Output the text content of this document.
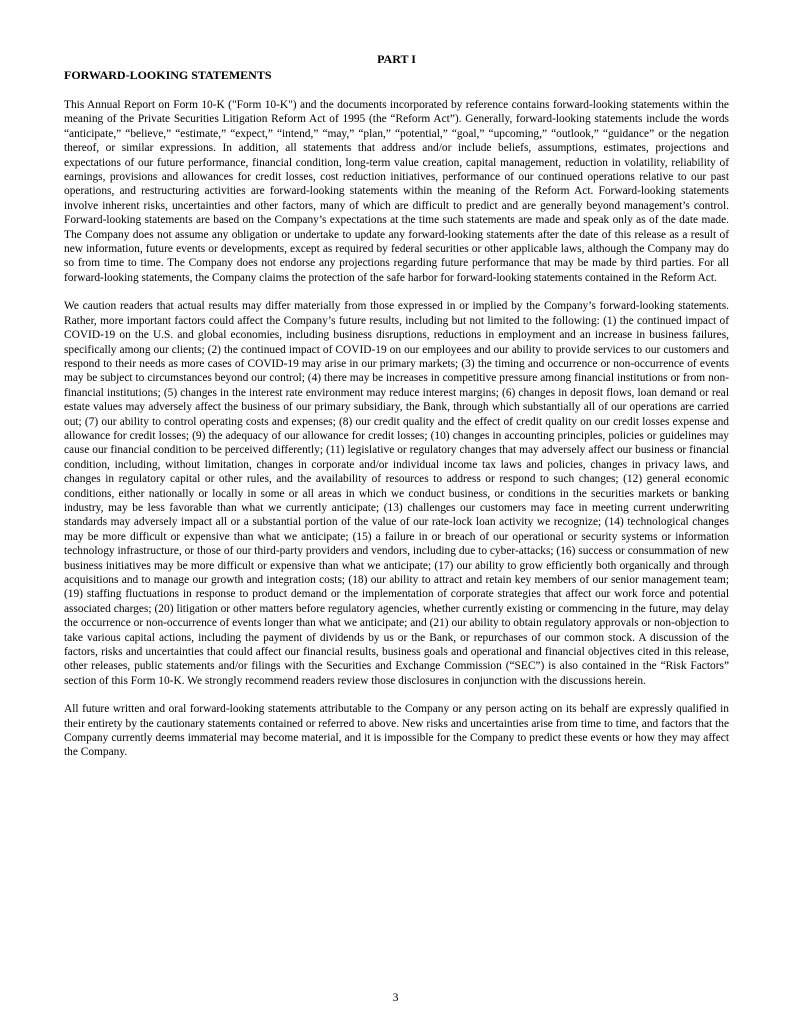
PART I
FORWARD-LOOKING STATEMENTS

This Annual Report on Form 10-K ("Form 10-K") and the documents incorporated by reference contains forward-looking statements within the meaning of the Private Securities Litigation Reform Act of 1995 (the “Reform Act”). Generally, forward-looking statements include the words “anticipate,” “believe,” “estimate,” “expect,” “intend,” “may,” “plan,” “potential,” “goal,” “upcoming,” “outlook,” “guidance” or the negation thereof, or similar expressions. In addition, all statements that address and/or include beliefs, assumptions, estimates, projections and expectations of our future performance, financial condition, long-term value creation, capital management, reduction in volatility, reliability of earnings, provisions and allowances for credit losses, cost reduction initiatives, performance of our continued operations relative to our past operations, and restructuring activities are forward-looking statements within the meaning of the Reform Act. Forward-looking statements involve inherent risks, uncertainties and other factors, many of which are difficult to predict and are generally beyond management’s control. Forward-looking statements are based on the Company’s expectations at the time such statements are made and speak only as of the date made. The Company does not assume any obligation or undertake to update any forward-looking statements after the date of this release as a result of new information, future events or developments, except as required by federal securities or other applicable laws, although the Company may do so from time to time. The Company does not endorse any projections regarding future performance that may be made by third parties. For all forward-looking statements, the Company claims the protection of the safe harbor for forward-looking statements contained in the Reform Act.

We caution readers that actual results may differ materially from those expressed in or implied by the Company’s forward-looking statements. Rather, more important factors could affect the Company’s future results, including but not limited to the following: (1) the continued impact of COVID-19 on the U.S. and global economies, including business disruptions, reductions in employment and an increase in business failures, specifically among our clients; (2) the continued impact of COVID-19 on our employees and our ability to provide services to our customers and respond to their needs as more cases of COVID-19 may arise in our primary markets; (3) the timing and occurrence or non-occurrence of events may be subject to circumstances beyond our control; (4) there may be increases in competitive pressure among financial institutions or from non-financial institutions; (5) changes in the interest rate environment may reduce interest margins; (6) changes in deposit flows, loan demand or real estate values may adversely affect the business of our primary subsidiary, the Bank, through which substantially all of our operations are carried out; (7) our ability to control operating costs and expenses; (8) our credit quality and the effect of credit quality on our credit losses expense and allowance for credit losses; (9) the adequacy of our allowance for credit losses; (10) changes in accounting principles, policies or guidelines may cause our financial condition to be perceived differently; (11) legislative or regulatory changes that may adversely affect our business or financial condition, including, without limitation, changes in corporate and/or individual income tax laws and policies, changes in privacy laws, and changes in regulatory capital or other rules, and the availability of resources to address or respond to such changes; (12) general economic conditions, either nationally or locally in some or all areas in which we conduct business, or conditions in the securities markets or banking industry, may be less favorable than what we currently anticipate; (13) challenges our customers may face in meeting current underwriting standards may adversely impact all or a substantial portion of the value of our rate-lock loan activity we recognize; (14) technological changes may be more difficult or expensive than what we anticipate; (15) a failure in or breach of our operational or security systems or information technology infrastructure, or those of our third-party providers and vendors, including due to cyber-attacks; (16) success or consummation of new business initiatives may be more difficult or expensive than what we anticipate; (17) our ability to grow efficiently both organically and through acquisitions and to manage our growth and integration costs; (18) our ability to attract and retain key members of our senior management team; (19) staffing fluctuations in response to product demand or the implementation of corporate strategies that affect our work force and potential associated charges; (20) litigation or other matters before regulatory agencies, whether currently existing or commencing in the future, may delay the occurrence or non-occurrence of events longer than what we anticipate; and (21) our ability to obtain regulatory approvals or non-objection to take various capital actions, including the payment of dividends by us or the Bank, or repurchases of our common stock. A discussion of the factors, risks and uncertainties that could affect our financial results, business goals and operational and financial objectives cited in this release, other releases, public statements and/or filings with the Securities and Exchange Commission (“SEC”) is also contained in the “Risk Factors” section of this Form 10-K. We strongly recommend readers review those disclosures in conjunction with the discussions herein.

All future written and oral forward-looking statements attributable to the Company or any person acting on its behalf are expressly qualified in their entirety by the cautionary statements contained or referred to above. New risks and uncertainties arise from time to time, and factors that the Company currently deems immaterial may become material, and it is impossible for the Company to predict these events or how they may affect the Company.

3
